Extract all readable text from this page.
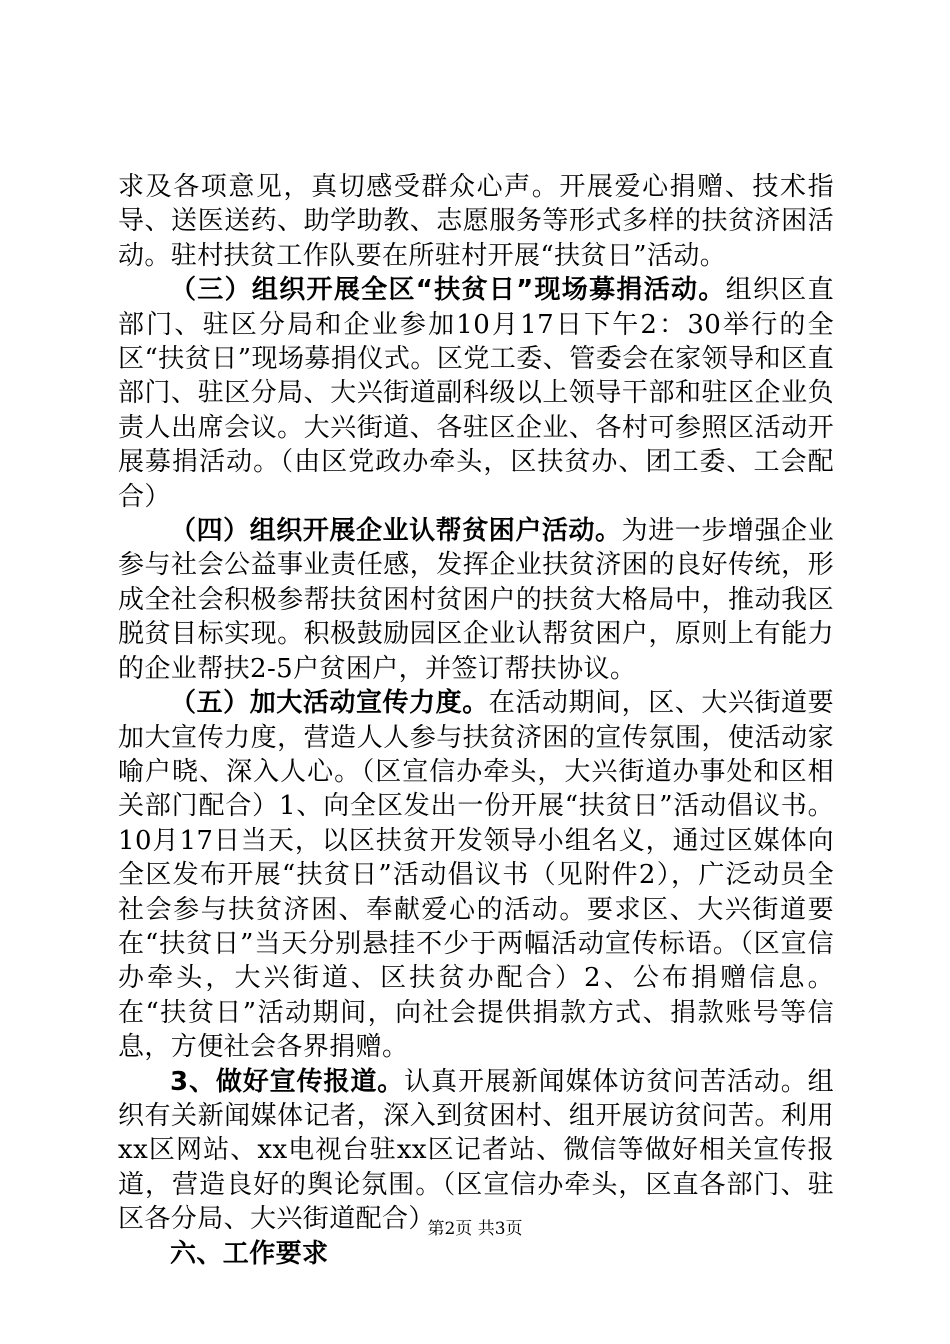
求及各项意见，真切感受群众心声。开展爱心捐赠、技术指导、送医送药、助学助教、志愿服务等形式多样的扶贫济困活动。驻村扶贫工作队要在所驻村开展“扶贫日”活动。

（三）组织开展全区“扶贫日”现场募捐活动。组织区直部门、驻区分局和企业参加10月17日下午2：30举行的全区“扶贫日”现场募捐仪式。区党工委、管委会在家领导和区直部门、驻区分局、大兴街道副科级以上领导干部和驻区企业负责人出席会议。大兴街道、各驻区企业、各村可参照区活动开展募捐活动。（由区党政办牵头，区扶贫办、团工委、工会配合）

（四）组织开展企业认帮贫困户活动。为进一步增强企业参与社会公益事业责任感，发挥企业扶贫济困的良好传统，形成全社会积极参帮扶贫困村贫困户的扶贫大格局中，推动我区脱贫目标实现。积极鼓励园区企业认帮贫困户，原则上有能力的企业帮扶2-5户贫困户，并签订帮扶协议。

（五）加大活动宣传力度。在活动期间，区、大兴街道要加大宣传力度，营造人人参与扶贫济困的宣传氛围，使活动家喻户晓、深入人心。（区宣信办牵头，大兴街道办事处和区相关部门配合）1、向全区发出一份开展“扶贫日”活动倡议书。10月17日当天，以区扶贫开发领导小组名义，通过区媒体向全区发布开展“扶贫日”活动倡议书（见附件2），广泛动员全社会参与扶贫济困、奉献爱心的活动。要求区、大兴街道要在“扶贫日”当天分别悬挂不少于两幅活动宣传标语。（区宣信办牵头，大兴街道、区扶贫办配合）2、公布捐赠信息。在“扶贫日”活动期间，向社会提供捐款方式、捐款账号等信息，方便社会各界捐赠。

3、做好宣传报道。认真开展新闻媒体访贫问苦活动。组织有关新闻媒体记者，深入到贫困村、组开展访贫问苦。利用xx区网站、xx电视台驻xx区记者站、微信等做好相关宣传报道，营造良好的舆论氛围。（区宣信办牵头，区直各部门、驻区各分局、大兴街道配合）

六、工作要求

第2页 共3页
